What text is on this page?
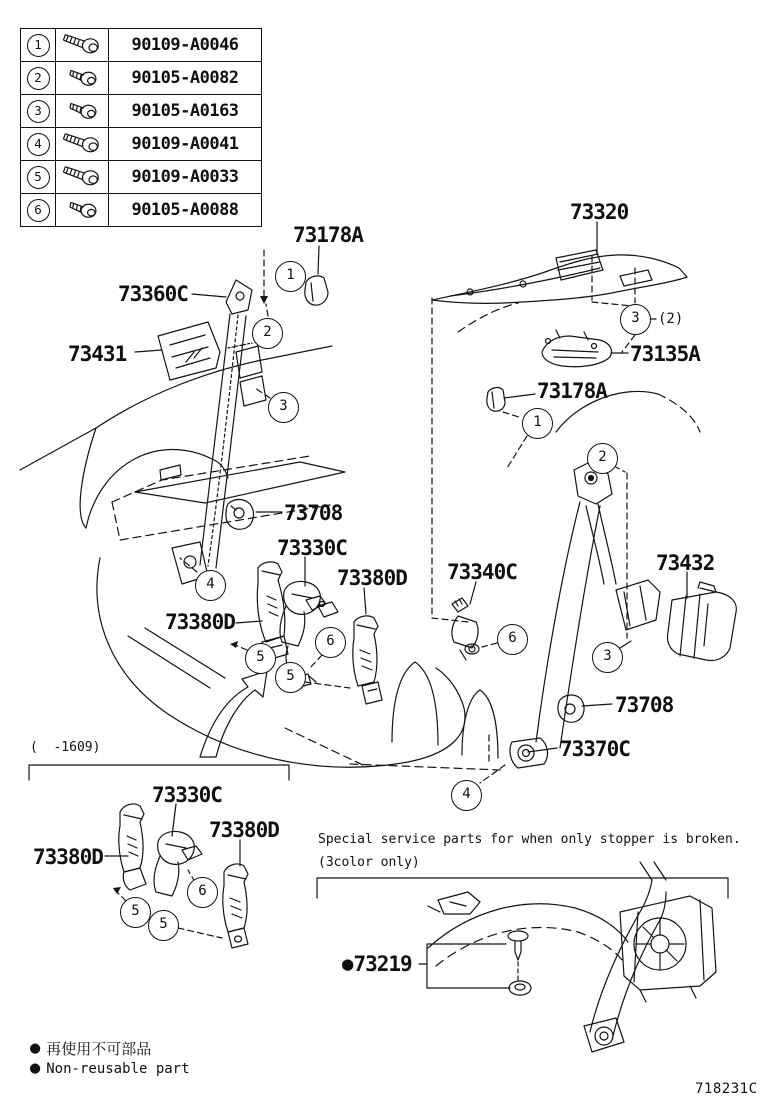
1		90109-A0046
2		90105-A0082
3		90105-A0163
4		90109-A0041
5		90109-A0033
6		90105-A0088
73178A
73320
73360C
73431	73135A
73178A
73708
73330C
73380D 73340C	73432
73380D
73708
73370C
73330C
73380D
73380D
● 73219
1
2
3
3	(2)
1
2
4
5
6
5
6
3
4
6
5
5
(  -1609)
Special service parts for when only stopper is broken.
(3color only)
● 再使用不可部品
● Non-reusable part
718231C
